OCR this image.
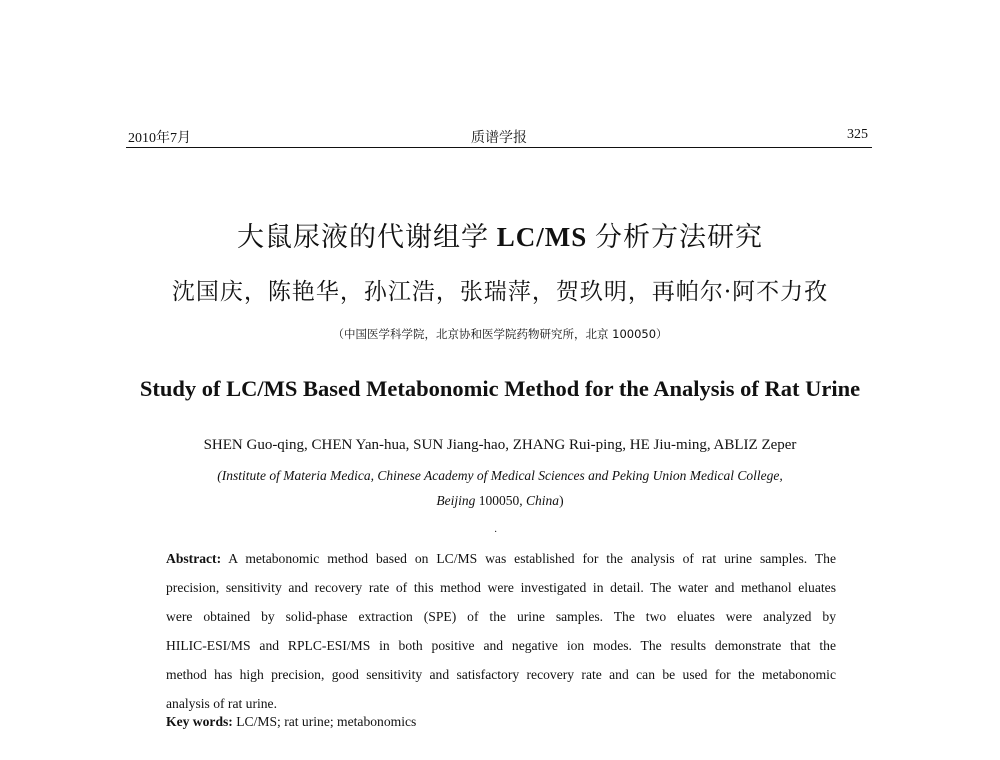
2010年7月	质谱学报	325
大鼠尿液的代谢组学 LC/MS 分析方法研究
沈国庆，陈艳华，孙江浩，张瑞萍，贺玖明，再帕尔·阿不力孜
（中国医学科学院，北京协和医学院药物研究所，北京 100050）
Study of LC/MS Based Metabonomic Method for the Analysis of Rat Urine
SHEN Guo-qing, CHEN Yan-hua, SUN Jiang-hao, ZHANG Rui-ping, HE Jiu-ming, ABLIZ Zeper
(Institute of Materia Medica, Chinese Academy of Medical Sciences and Peking Union Medical College,
Beijing 100050, China)
·
Abstract: A metabonomic method based on LC/MS was established for the analysis of rat urine samples. The
precision, sensitivity and recovery rate of this method were investigated in detail. The water and methanol eluates
were obtained by solid-phase extraction (SPE) of the urine samples. The two eluates were analyzed by
HILIC-ESI/MS and RPLC-ESI/MS in both positive and negative ion modes. The results demonstrate that the
method has high precision, good sensitivity and satisfactory recovery rate and can be used for the metabonomic
analysis of rat urine.
Key words: LC/MS; rat urine; metabonomics
